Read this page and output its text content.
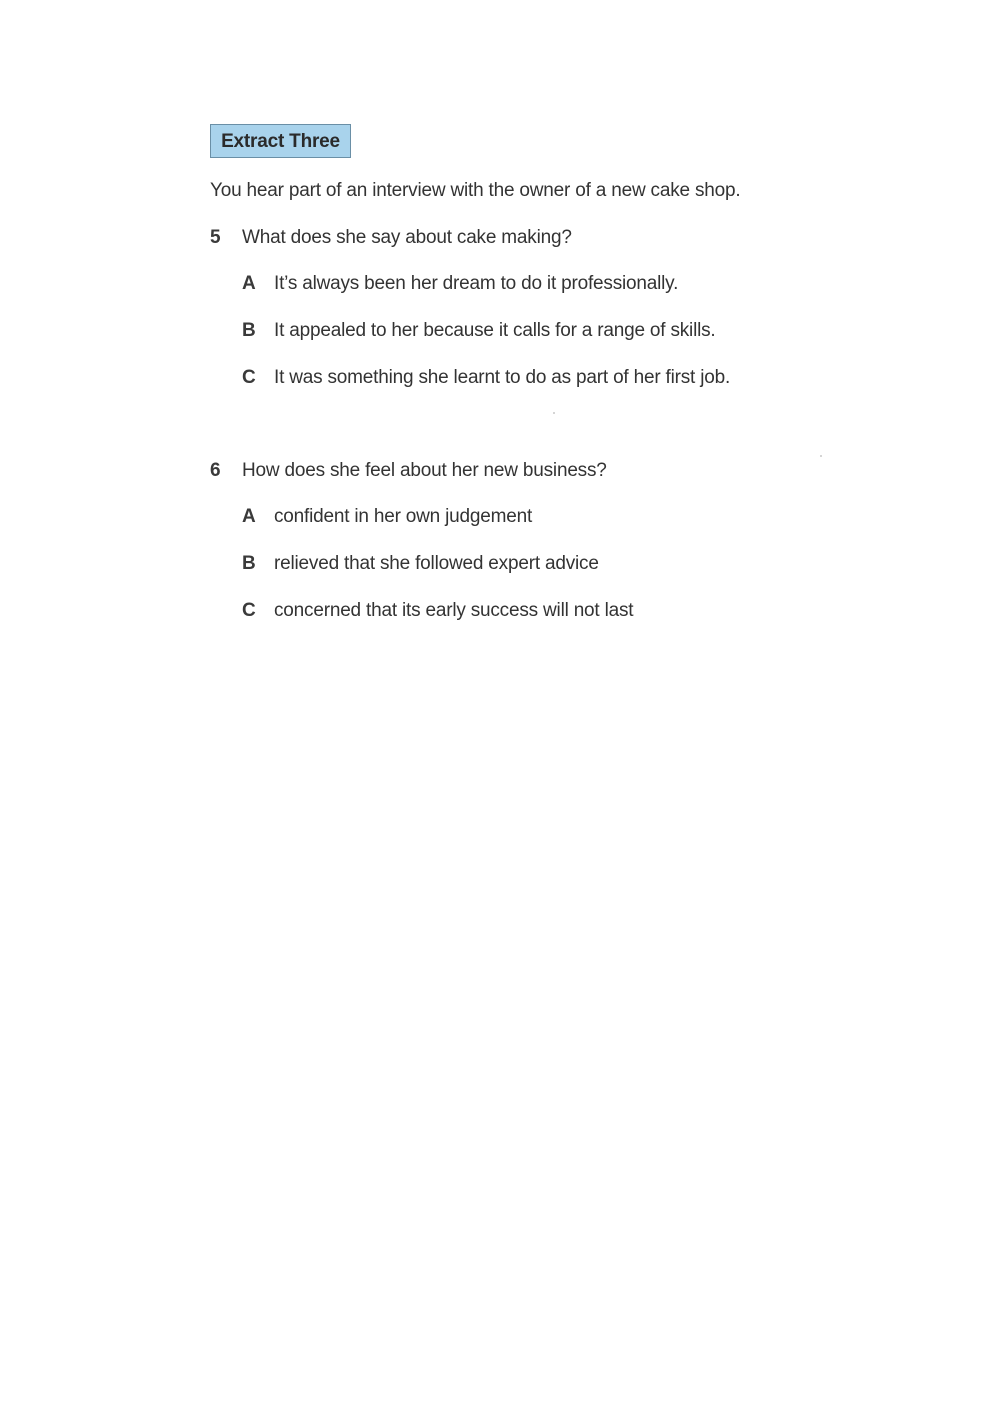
Extract Three
You hear part of an interview with the owner of a new cake shop.
5	What does she say about cake making?
A It’s always been her dream to do it professionally.
B It appealed to her because it calls for a range of skills.
C It was something she learnt to do as part of her first job.
6	How does she feel about her new business?
A confident in her own judgement
B relieved that she followed expert advice
C concerned that its early success will not last
